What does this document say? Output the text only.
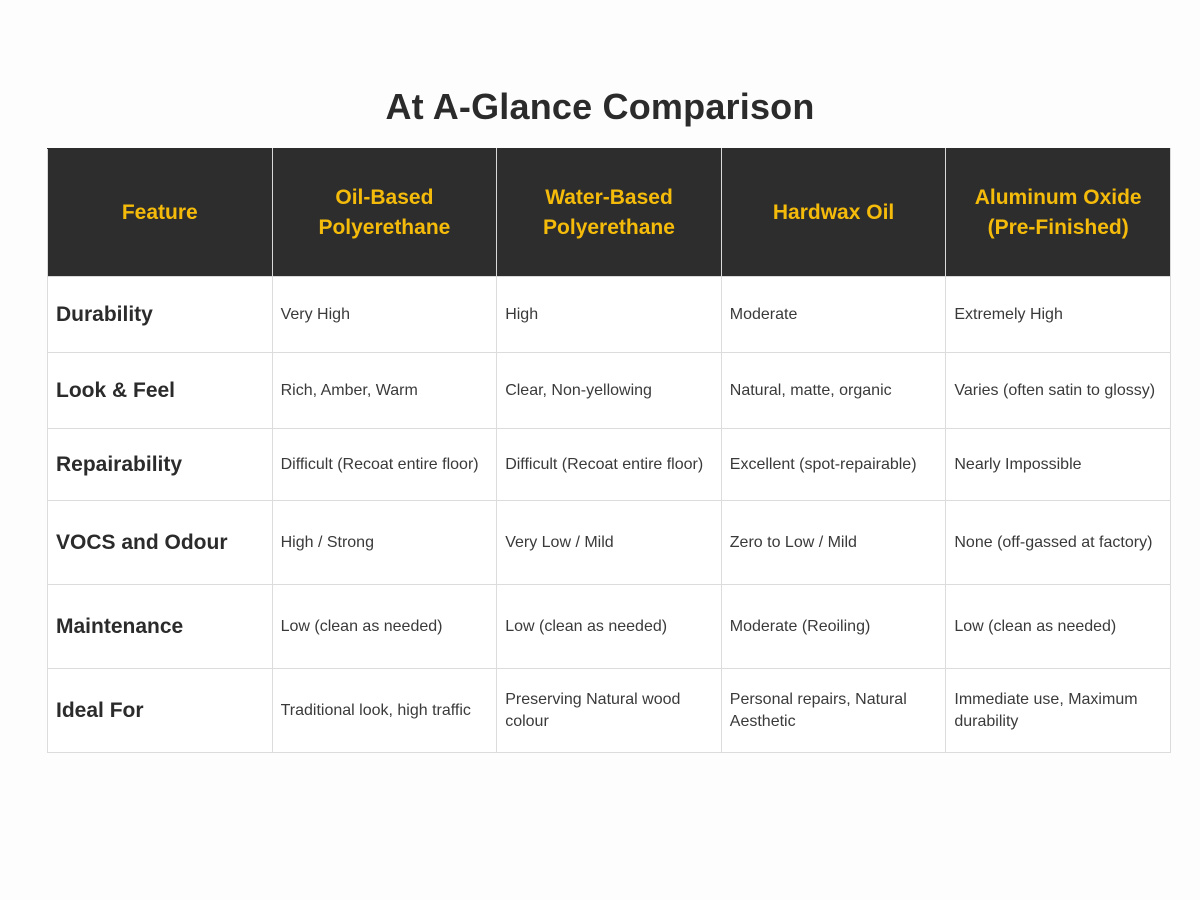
At A-Glance Comparison
Feature	Oil-Based Polyerethane	Water-Based Polyerethane	Hardwax Oil	Aluminum Oxide (Pre-Finished)
Durability	Very High	High	Moderate	Extremely High
Look & Feel	Rich, Amber, Warm	Clear, Non-yellowing	Natural, matte, organic	Varies (often satin to glossy)
Repairability	Difficult (Recoat entire floor)	Difficult (Recoat entire floor)	Excellent (spot-repairable)	Nearly Impossible
VOCS and Odour	High / Strong	Very Low / Mild	Zero to Low / Mild	None (off-gassed at factory)
Maintenance	Low (clean as needed)	Low (clean as needed)	Moderate (Reoiling)	Low (clean as needed)
Ideal For	Traditional look, high traffic	Preserving Natural wood colour	Personal repairs, Natural Aesthetic	Immediate use, Maximum durability
